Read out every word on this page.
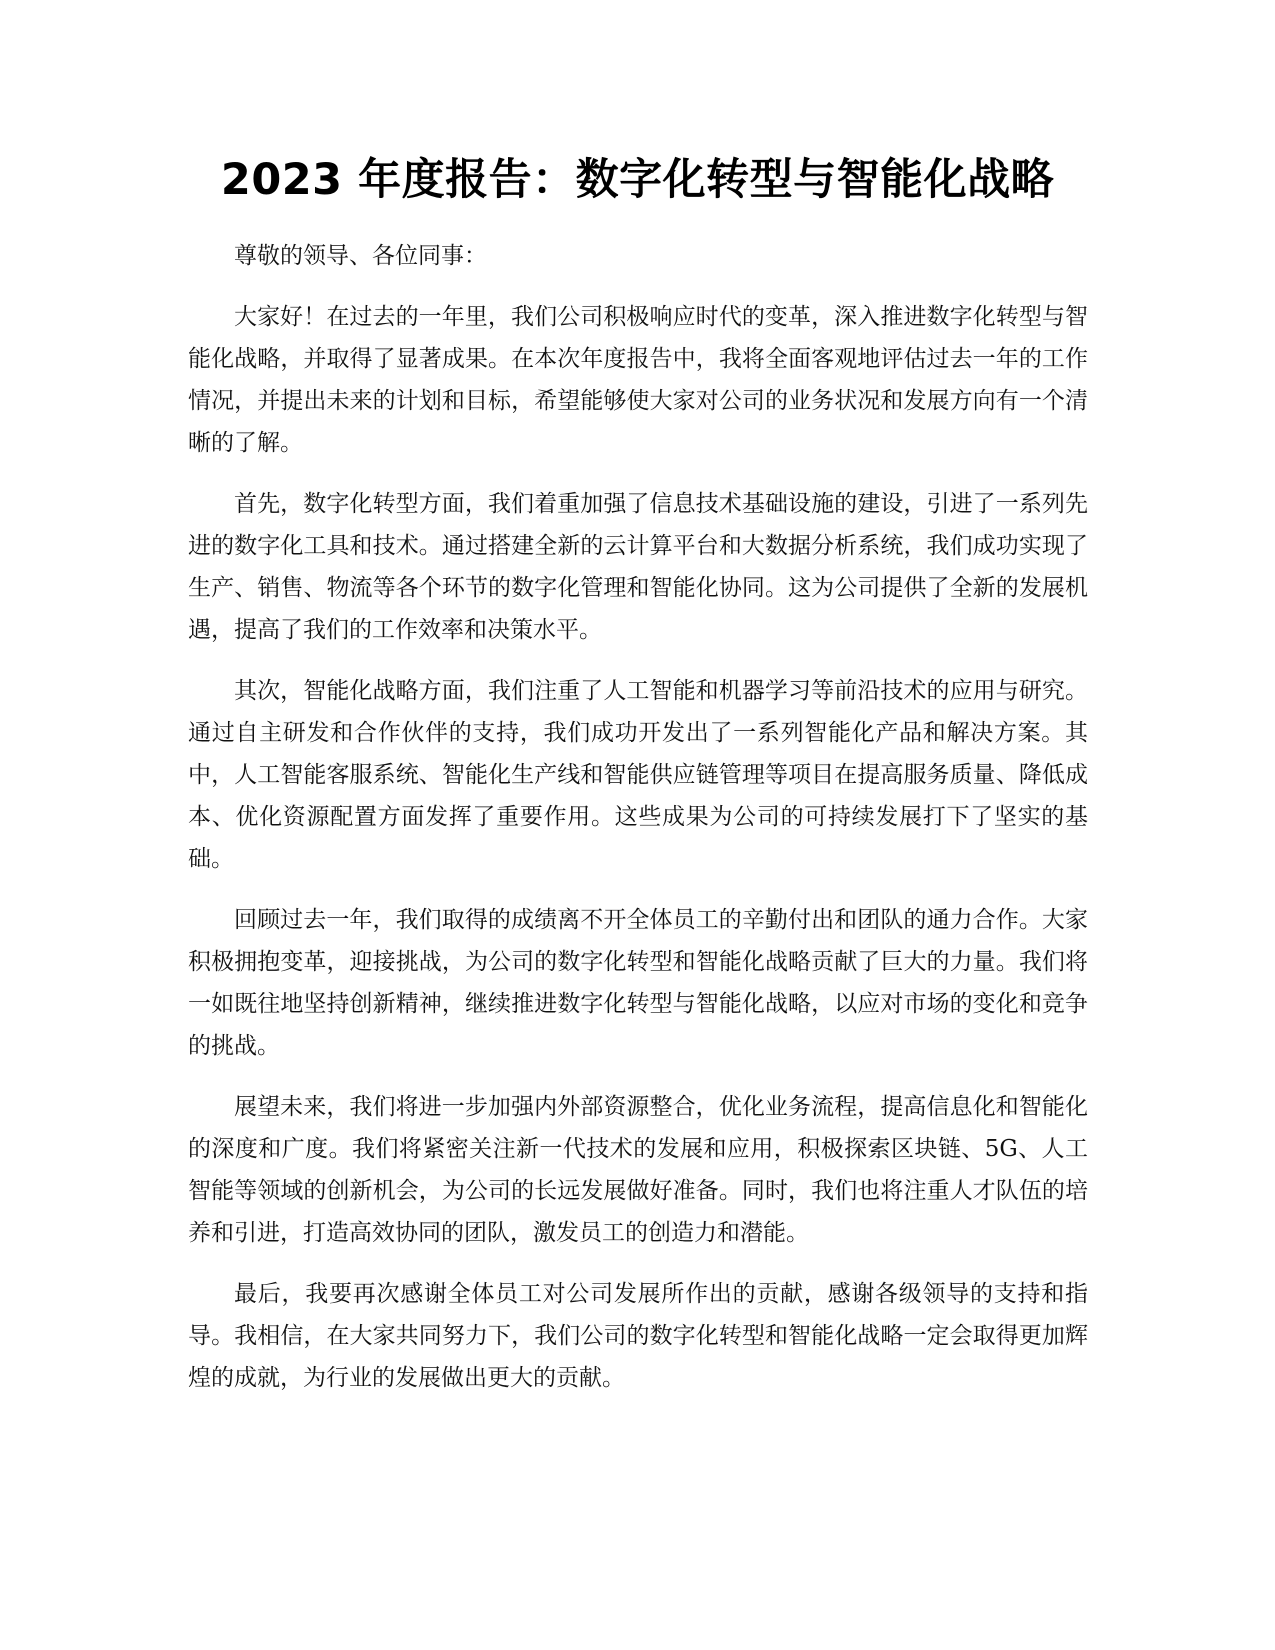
2023 年度报告：数字化转型与智能化战略

尊敬的领导、各位同事：

大家好！在过去的一年里，我们公司积极响应时代的变革，深入推进数字化转型与智能化战略，并取得了显著成果。在本次年度报告中，我将全面客观地评估过去一年的工作情况，并提出未来的计划和目标，希望能够使大家对公司的业务状况和发展方向有一个清晰的了解。

首先，数字化转型方面，我们着重加强了信息技术基础设施的建设，引进了一系列先进的数字化工具和技术。通过搭建全新的云计算平台和大数据分析系统，我们成功实现了生产、销售、物流等各个环节的数字化管理和智能化协同。这为公司提供了全新的发展机遇，提高了我们的工作效率和决策水平。

其次，智能化战略方面，我们注重了人工智能和机器学习等前沿技术的应用与研究。通过自主研发和合作伙伴的支持，我们成功开发出了一系列智能化产品和解决方案。其中，人工智能客服系统、智能化生产线和智能供应链管理等项目在提高服务质量、降低成本、优化资源配置方面发挥了重要作用。这些成果为公司的可持续发展打下了坚实的基础。

回顾过去一年，我们取得的成绩离不开全体员工的辛勤付出和团队的通力合作。大家积极拥抱变革，迎接挑战，为公司的数字化转型和智能化战略贡献了巨大的力量。我们将一如既往地坚持创新精神，继续推进数字化转型与智能化战略，以应对市场的变化和竞争的挑战。

展望未来，我们将进一步加强内外部资源整合，优化业务流程，提高信息化和智能化的深度和广度。我们将紧密关注新一代技术的发展和应用，积极探索区块链、5G、人工智能等领域的创新机会，为公司的长远发展做好准备。同时，我们也将注重人才队伍的培养和引进，打造高效协同的团队，激发员工的创造力和潜能。

最后，我要再次感谢全体员工对公司发展所作出的贡献，感谢各级领导的支持和指导。我相信，在大家共同努力下，我们公司的数字化转型和智能化战略一定会取得更加辉煌的成就，为行业的发展做出更大的贡献。
